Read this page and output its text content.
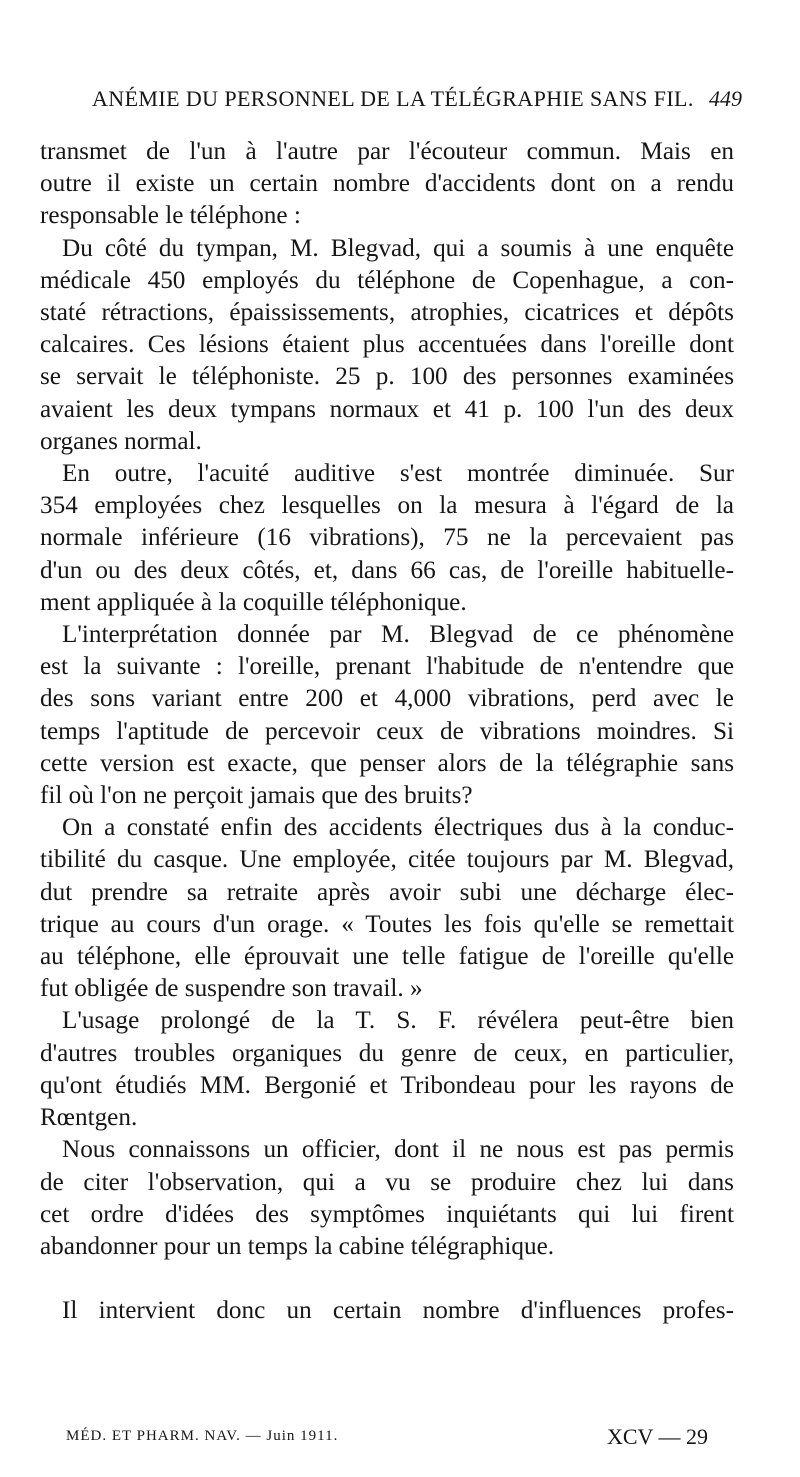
ANÉMIE DU PERSONNEL DE LA TÉLÉGRAPHIE SANS FIL. 449
transmet de l'un à l'autre par l'écouteur commun. Mais en
outre il existe un certain nombre d'accidents dont on a rendu
responsable le téléphone :
Du côté du tympan, M. Blegvad, qui a soumis à une enquête
médicale 450 employés du téléphone de Copenhague, a con-
staté rétractions, épaississements, atrophies, cicatrices et dépôts
calcaires. Ces lésions étaient plus accentuées dans l'oreille dont
se servait le téléphoniste. 25 p. 100 des personnes examinées
avaient les deux tympans normaux et 41 p. 100 l'un des deux
organes normal.
En outre, l'acuité auditive s'est montrée diminuée. Sur
354 employées chez lesquelles on la mesura à l'égard de la
normale inférieure (16 vibrations), 75 ne la percevaient pas
d'un ou des deux côtés, et, dans 66 cas, de l'oreille habituelle-
ment appliquée à la coquille téléphonique.
L'interprétation donnée par M. Blegvad de ce phénomène
est la suivante : l'oreille, prenant l'habitude de n'entendre que
des sons variant entre 200 et 4,000 vibrations, perd avec le
temps l'aptitude de percevoir ceux de vibrations moindres. Si
cette version est exacte, que penser alors de la télégraphie sans
fil où l'on ne perçoit jamais que des bruits?
On a constaté enfin des accidents électriques dus à la conduc-
tibilité du casque. Une employée, citée toujours par M. Blegvad,
dut prendre sa retraite après avoir subi une décharge élec-
trique au cours d'un orage. « Toutes les fois qu'elle se remettait
au téléphone, elle éprouvait une telle fatigue de l'oreille qu'elle
fut obligée de suspendre son travail. »
L'usage prolongé de la T. S. F. révélera peut-être bien
d'autres troubles organiques du genre de ceux, en particulier,
qu'ont étudiés MM. Bergonié et Tribondeau pour les rayons de
Rœntgen.
Nous connaissons un officier, dont il ne nous est pas permis
de citer l'observation, qui a vu se produire chez lui dans
cet ordre d'idées des symptômes inquiétants qui lui firent
abandonner pour un temps la cabine télégraphique.
Il intervient donc un certain nombre d'influences profes-
MÉD. ET PHARM. NAV. — Juin 1911.	XCV — 29
